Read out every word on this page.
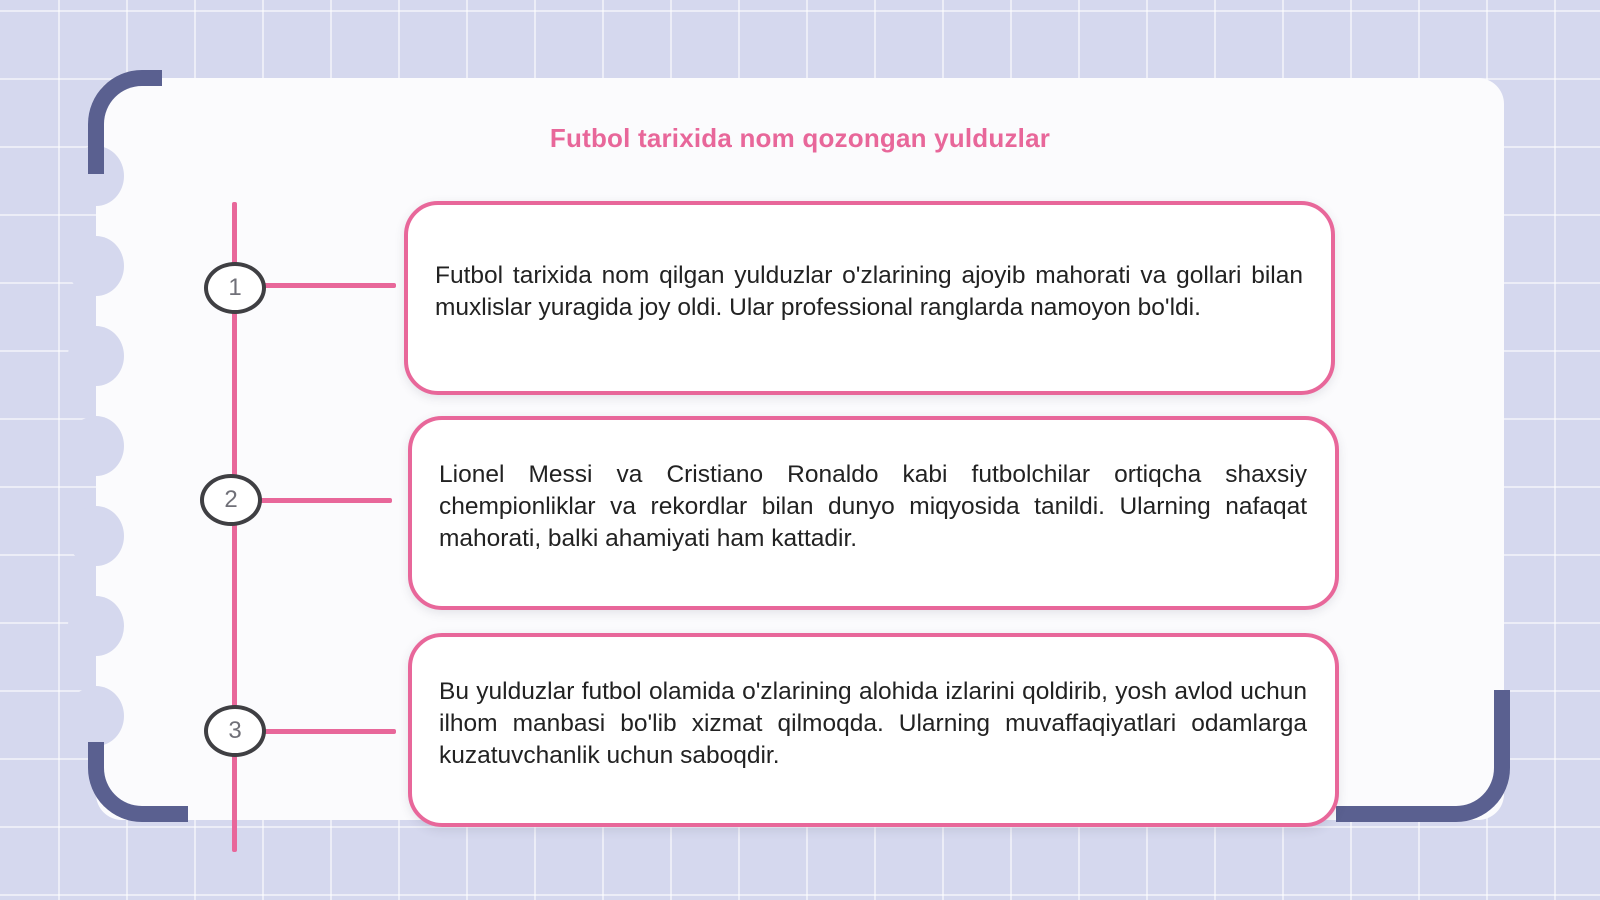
Futbol tarixida nom qozongan yulduzlar
1
2
3

Futbol tarixida nom qilgan yulduzlar o'zlarining ajoyib mahorati va gollari bilan muxlislar yuragida joy oldi. Ular professional ranglarda namoyon bo'ldi.

Lionel Messi va Cristiano Ronaldo kabi futbolchilar ortiqcha shaxsiy chempionliklar va rekordlar bilan dunyo miqyosida tanildi. Ularning nafaqat mahorati, balki ahamiyati ham kattadir.

Bu yulduzlar futbol olamida o'zlarining alohida izlarini qoldirib, yosh avlod uchun ilhom manbasi bo'lib xizmat qilmoqda. Ularning muvaffaqiyatlari odamlarga kuzatuvchanlik uchun saboqdir.
